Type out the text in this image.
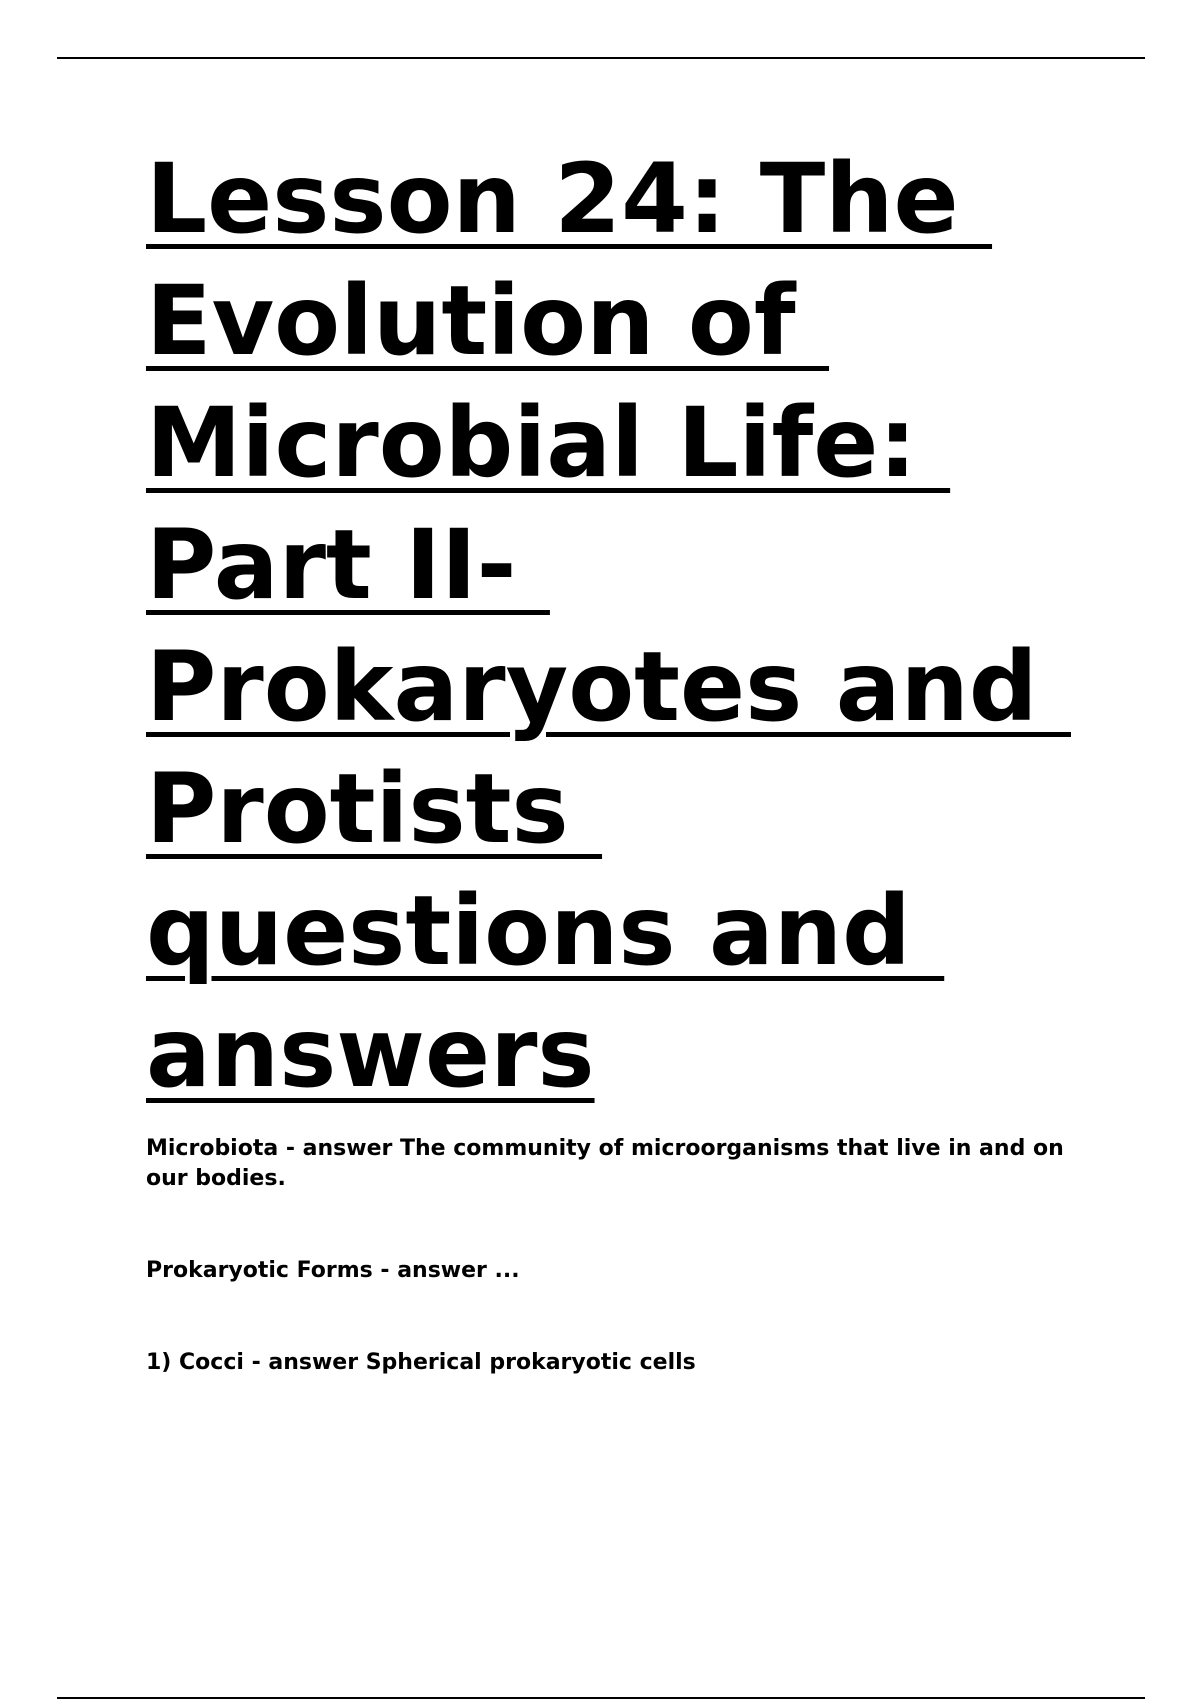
Lesson 24: The
Evolution of
Microbial Life:
Part II-
Prokaryotes and
Protists
questions and
answers

Microbiota - answer The community of microorganisms that live in and on our bodies.

Prokaryotic Forms - answer ...

1) Cocci - answer Spherical prokaryotic cells
